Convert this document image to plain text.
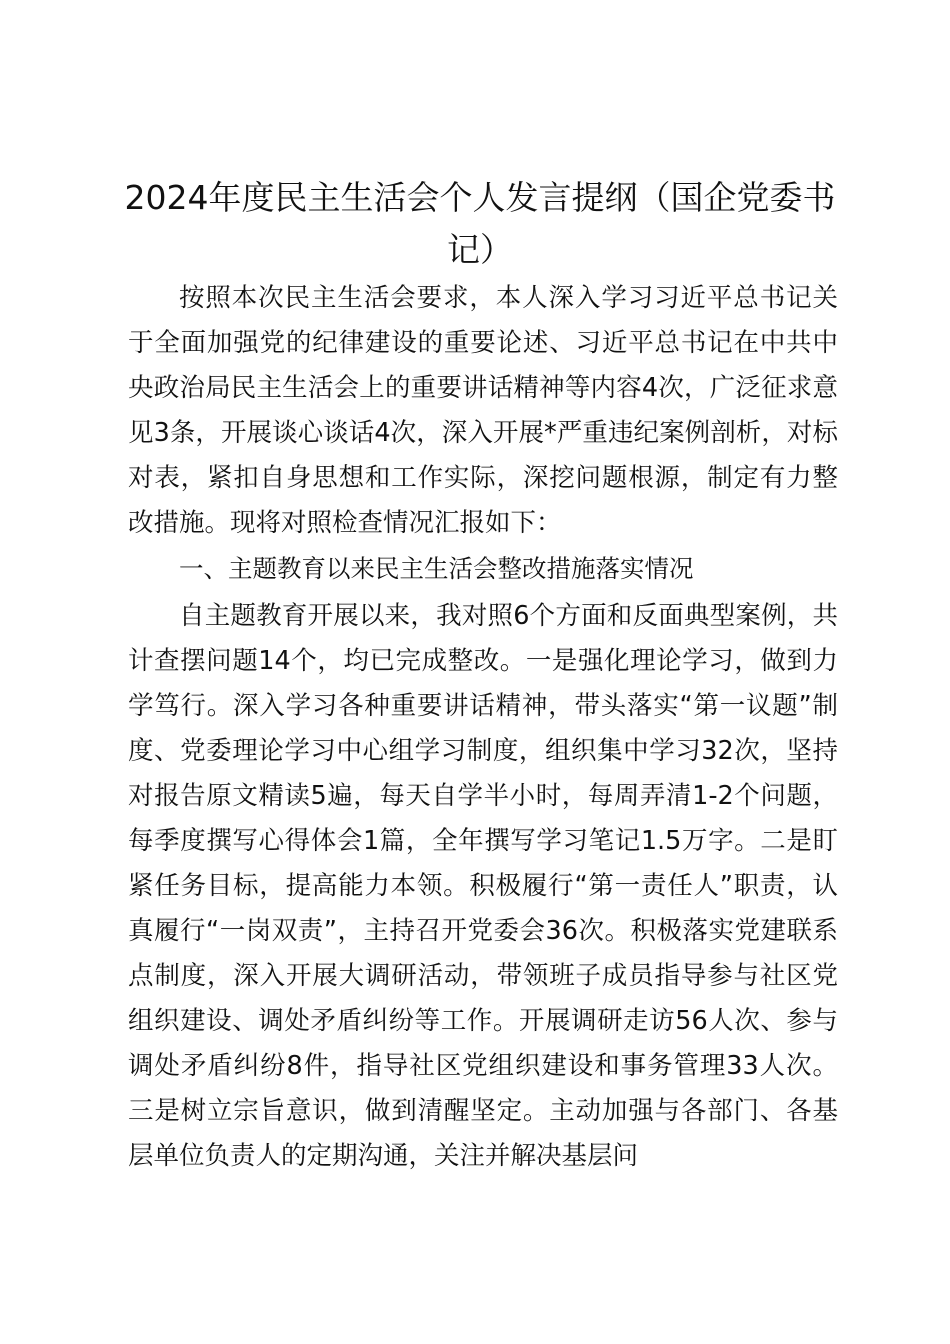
2024年度民主生活会个人发言提纲（国企党委书记）

按照本次民主生活会要求，本人深入学习习近平总书记关于全面加强党的纪律建设的重要论述、习近平总书记在中共中央政治局民主生活会上的重要讲话精神等内容4次，广泛征求意见3条，开展谈心谈话4次，深入开展*严重违纪案例剖析，对标对表，紧扣自身思想和工作实际，深挖问题根源，制定有力整改措施。现将对照检查情况汇报如下：

一、主题教育以来民主生活会整改措施落实情况

自主题教育开展以来，我对照6个方面和反面典型案例，共计查摆问题14个，均已完成整改。一是强化理论学习，做到力学笃行。深入学习各种重要讲话精神，带头落实“第一议题”制度、党委理论学习中心组学习制度，组织集中学习32次，坚持对报告原文精读5遍，每天自学半小时，每周弄清1-2个问题，每季度撰写心得体会1篇，全年撰写学习笔记1.5万字。二是盯紧任务目标，提高能力本领。积极履行“第一责任人”职责，认真履行“一岗双责”，主持召开党委会36次。积极落实党建联系点制度，深入开展大调研活动，带领班子成员指导参与社区党组织建设、调处矛盾纠纷等工作。开展调研走访56人次、参与调处矛盾纠纷8件，指导社区党组织建设和事务管理33人次。三是树立宗旨意识，做到清醒坚定。主动加强与各部门、各基层单位负责人的定期沟通，关注并解决基层问
